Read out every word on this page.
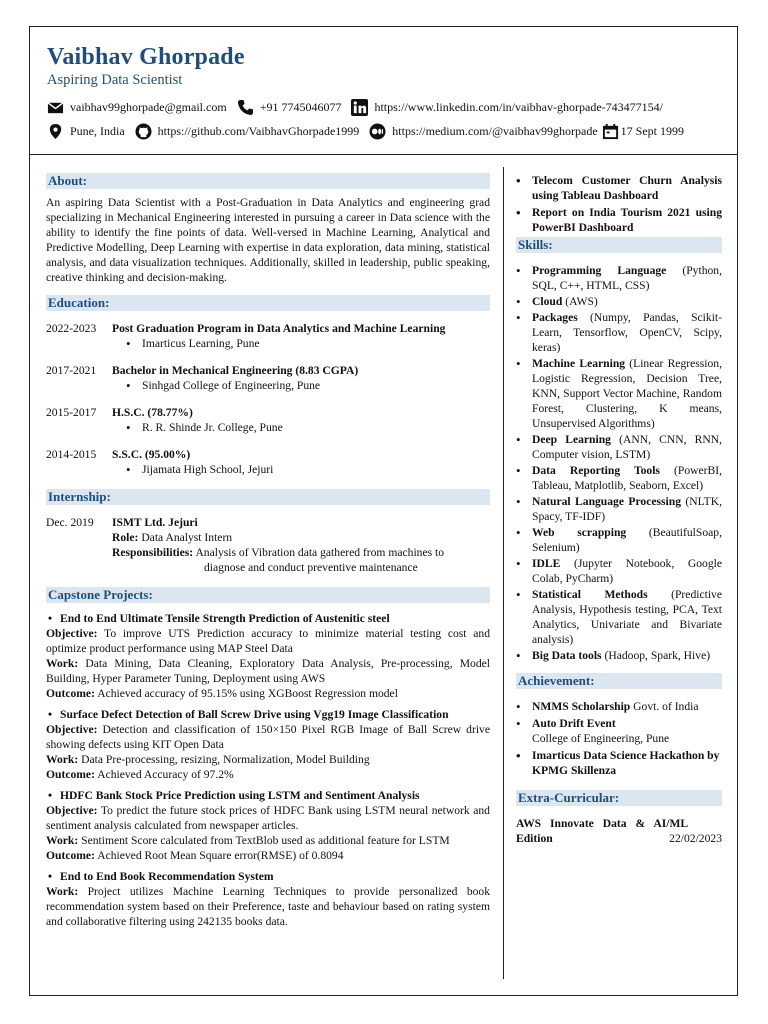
Vaibhav Ghorpade
Aspiring Data Scientist
vaibhav99ghorpade@gmail.com	+91 7745046077	https://www.linkedin.com/in/vaibhav-ghorpade-743477154/
Pune, India	https://github.com/VaibhavGhorpade1999	https://medium.com/@vaibhav99ghorpade 17 Sept 1999
About:

An aspiring Data Scientist with a Post-Graduation in Data Analytics and engineering grad specializing in Mechanical Engineering interested in pursuing a career in Data science with the ability to identify the fine points of data. Well-versed in Machine Learning, Analytical and Predictive Modelling, Deep Learning with expertise in data exploration, data mining, statistical analysis, and data visualization techniques. Additionally, skilled in leadership, public speaking, creative thinking and decision-making.

Education:
2022-2023	Post Graduation Program in Data Analytics and Machine Learning
• Imarticus Learning, Pune
2017-2021	Bachelor in Mechanical Engineering (8.83 CGPA)
• Sinhgad College of Engineering, Pune
2015-2017	H.S.C. (78.77%)
• R. R. Shinde Jr. College, Pune
2014-2015	S.S.C. (95.00%)
• Jijamata High School, Jejuri
Internship:
Dec. 2019	ISMT Ltd. Jejuri
Role: Data Analyst Intern
Responsibilities: Analysis of Vibration data gathered from machines to
diagnose and conduct preventive maintenance
Capstone Projects:
• End to End Ultimate Tensile Strength Prediction of Austenitic steel

Objective: To improve UTS Prediction accuracy to minimize material testing cost and optimize product performance using MAP Steel Data

Work: Data Mining, Data Cleaning, Exploratory Data Analysis, Pre-processing, Model Building, Hyper Parameter Tuning, Deployment using AWS

Outcome: Achieved accuracy of 95.15% using XGBoost Regression model

• Surface Defect Detection of Ball Screw Drive using Vgg19 Image Classification

Objective: Detection and classification of 150×150 Pixel RGB Image of Ball Screw drive showing defects using KIT Open Data

Work: Data Pre-processing, resizing, Normalization, Model Building

Outcome: Achieved Accuracy of 97.2%

• HDFC Bank Stock Price Prediction using LSTM and Sentiment Analysis

Objective: To predict the future stock prices of HDFC Bank using LSTM neural network and sentiment analysis calculated from newspaper articles.

Work: Sentiment Score calculated from TextBlob used as additional feature for LSTM

Outcome: Achieved Root Mean Square error(RMSE) of 0.8094

• End to End Book Recommendation System

Work: Project utilizes Machine Learning Techniques to provide personalized book recommendation system based on their Preference, taste and behaviour based on rating system and collaborative filtering using 242135 books data.

• Telecom Customer Churn Analysis using Tableau Dashboard
• Report on India Tourism 2021 using PowerBI Dashboard
Skills:
• Programming Language (Python, SQL, C++, HTML, CSS)
• Cloud (AWS)
• Packages (Numpy, Pandas, Scikit-Learn, Tensorflow, OpenCV, Scipy, keras)
• Machine Learning (Linear Regression, Logistic Regression, Decision Tree, KNN, Support Vector Machine, Random Forest, Clustering, K means, Unsupervised Algorithms)
• Deep Learning (ANN, CNN, RNN, Computer vision, LSTM)
• Data Reporting Tools (PowerBI, Tableau, Matplotlib, Seaborn, Excel)
• Natural Language Processing (NLTK, Spacy, TF-IDF)
• Web scrapping (BeautifulSoap, Selenium)
• IDLE (Jupyter Notebook, Google Colab, PyCharm)
• Statistical Methods (Predictive Analysis, Hypothesis testing, PCA, Text Analytics, Univariate and Bivariate analysis)
• Big Data tools (Hadoop, Spark, Hive)
Achievement:
• NMMS Scholarship Govt. of India
• Auto Drift Event
College of Engineering, Pune
• Imarticus Data Science Hackathon by KPMG Skillenza
Extra-Curricular:
AWS Innovate Data & AI/ML
Edition	22/02/2023
